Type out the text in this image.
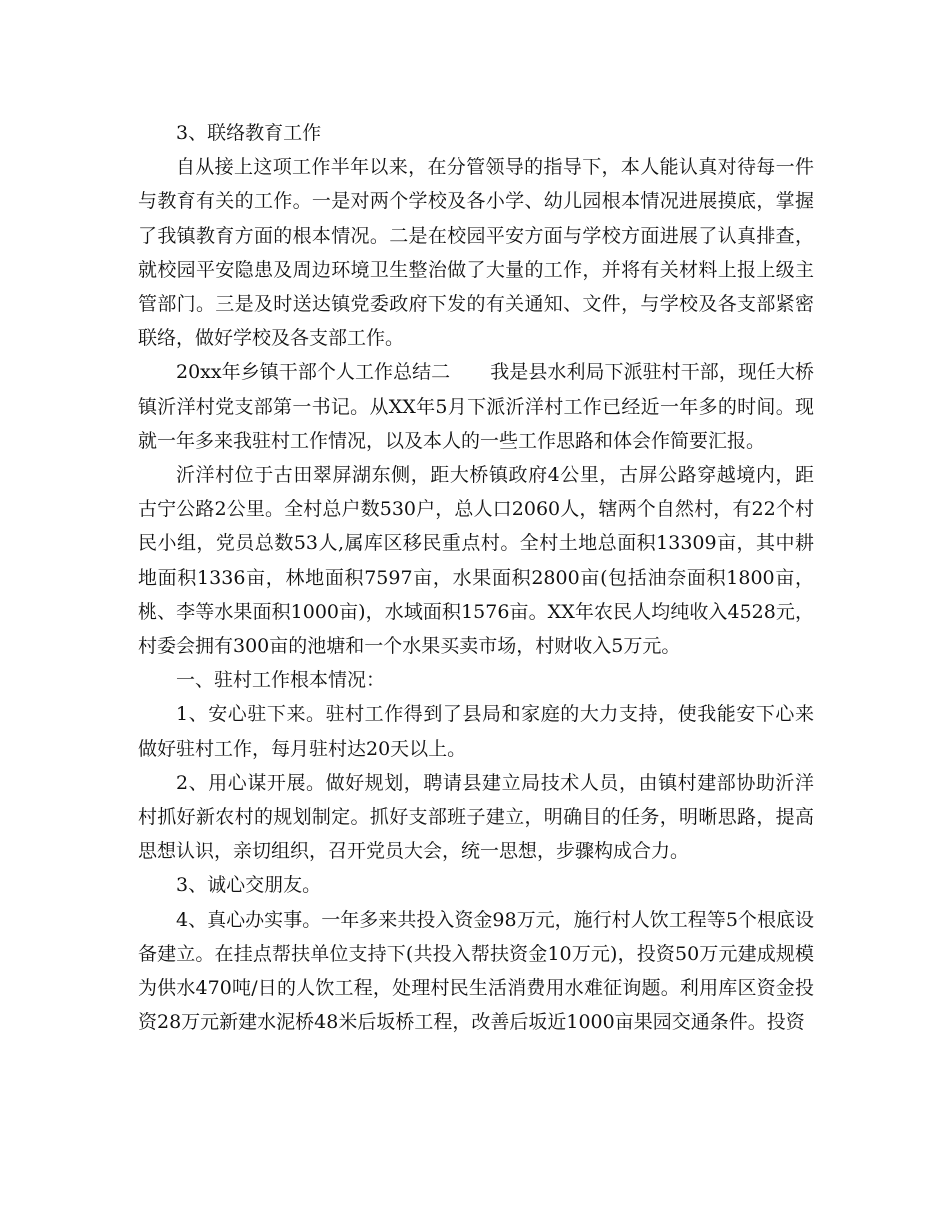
3、联络教育工作

自从接上这项工作半年以来，在分管领导的指导下，本人能认真对待每一件与教育有关的工作。一是对两个学校及各小学、幼儿园根本情况进展摸底，掌握了我镇教育方面的根本情况。二是在校园平安方面与学校方面进展了认真排查，就校园平安隐患及周边环境卫生整治做了大量的工作，并将有关材料上报上级主管部门。三是及时送达镇党委政府下发的有关通知、文件，与学校及各支部紧密联络，做好学校及各支部工作。

20xx年乡镇干部个人工作总结二 我是县水利局下派驻村干部，现任大桥镇沂洋村党支部第一书记。从XX年5月下派沂洋村工作已经近一年多的时间。现就一年多来我驻村工作情况，以及本人的一些工作思路和体会作简要汇报。

沂洋村位于古田翠屏湖东侧，距大桥镇政府4公里，古屏公路穿越境内，距古宁公路2公里。全村总户数530户，总人口2060人，辖两个自然村，有22个村民小组，党员总数53人,属库区移民重点村。全村土地总面积13309亩，其中耕地面积1336亩，林地面积7597亩，水果面积2800亩(包括油奈面积1800亩，桃、李等水果面积1000亩)，水域面积1576亩。XX年农民人均纯收入4528元，村委会拥有300亩的池塘和一个水果买卖市场，村财收入5万元。

一、驻村工作根本情况：

1、安心驻下来。驻村工作得到了县局和家庭的大力支持，使我能安下心来做好驻村工作，每月驻村达20天以上。

2、用心谋开展。做好规划，聘请县建立局技术人员，由镇村建部协助沂洋村抓好新农村的规划制定。抓好支部班子建立，明确目的任务，明晰思路，提高思想认识，亲切组织，召开党员大会，统一思想，步骤构成合力。

3、诚心交朋友。

4、真心办实事。一年多来共投入资金98万元，施行村人饮工程等5个根底设备建立。在挂点帮扶单位支持下(共投入帮扶资金10万元)，投资50万元建成规模为供水470吨/日的人饮工程，处理村民生活消费用水难征询题。利用库区资金投资28万元新建水泥桥48米后坂桥工程，改善后坂近1000亩果园交通条件。投资
